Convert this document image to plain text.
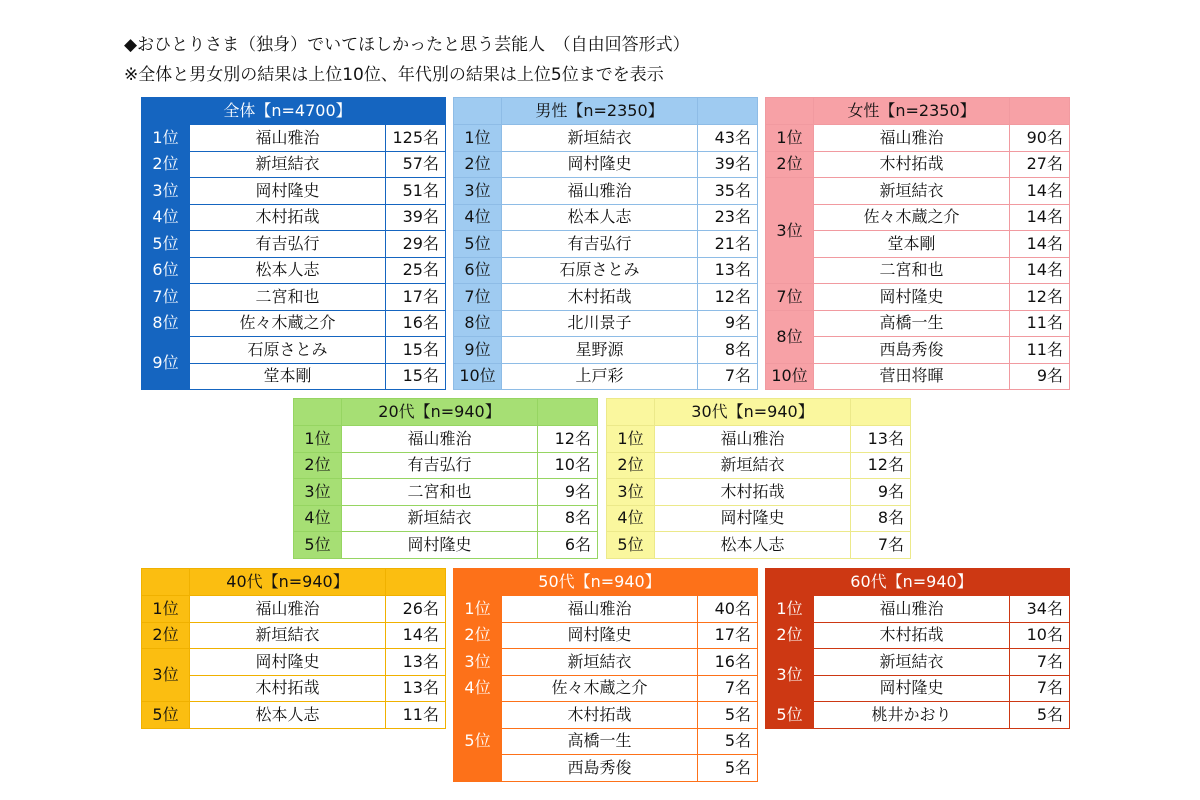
◆おひとりさま（独身）でいてほしかったと思う芸能人　（自由回答形式）
※全体と男女別の結果は上位10位、年代別の結果は上位5位までを表示
	全体【n=4700】	
1位	福山雅治	125名
2位	新垣結衣	57名
3位	岡村隆史	51名
4位	木村拓哉	39名
5位	有吉弘行	29名
6位	松本人志	25名
7位	二宮和也	17名
8位	佐々木蔵之介	16名
9位	石原さとみ	15名
	堂本剛	15名
	男性【n=2350】	
1位	新垣結衣	43名
2位	岡村隆史	39名
3位	福山雅治	35名
4位	松本人志	23名
5位	有吉弘行	21名
6位	石原さとみ	13名
7位	木村拓哉	12名
8位	北川景子	9名
9位	星野源	8名
10位	上戸彩	7名
	女性【n=2350】	
1位	福山雅治	90名
2位	木村拓哉	27名
3位	新垣結衣	14名
	佐々木蔵之介	14名
	堂本剛	14名
	二宮和也	14名
7位	岡村隆史	12名
8位	高橋一生	11名
	西島秀俊	11名
10位	菅田将暉	9名
	20代【n=940】	
1位	福山雅治	12名
2位	有吉弘行	10名
3位	二宮和也	9名
4位	新垣結衣	8名
5位	岡村隆史	6名
	30代【n=940】	
1位	福山雅治	13名
2位	新垣結衣	12名
3位	木村拓哉	9名
4位	岡村隆史	8名
5位	松本人志	7名
	40代【n=940】	
1位	福山雅治	26名
2位	新垣結衣	14名
3位	岡村隆史	13名
	木村拓哉	13名
5位	松本人志	11名
	50代【n=940】	
1位	福山雅治	40名
2位	岡村隆史	17名
3位	新垣結衣	16名
4位	佐々木蔵之介	7名
5位	木村拓哉	5名
	高橋一生	5名
	西島秀俊	5名
	60代【n=940】	
1位	福山雅治	34名
2位	木村拓哉	10名
3位	新垣結衣	7名
	岡村隆史	7名
5位	桃井かおり	5名
